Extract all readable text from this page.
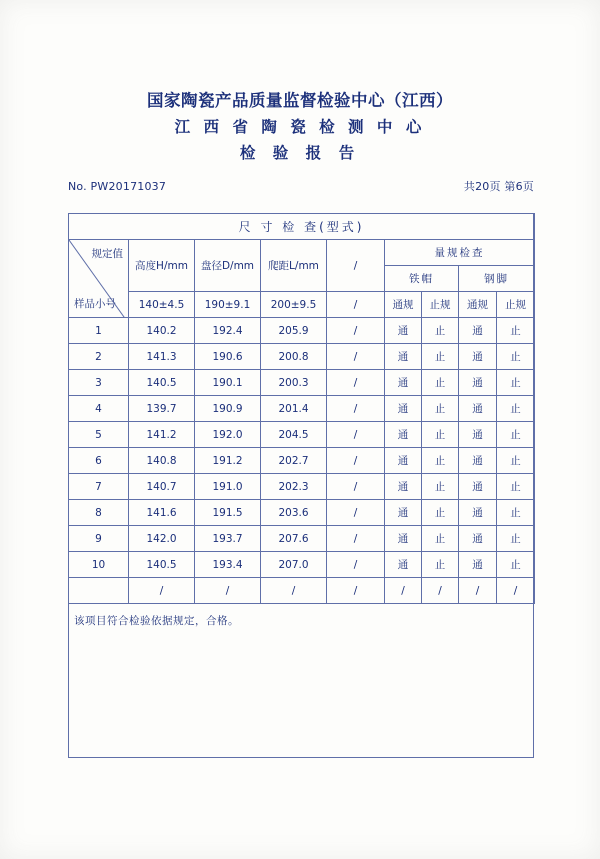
国家陶瓷产品质量监督检验中心（江西）
江 西 省 陶 瓷 检 测 中 心
检 验 报 告
No. PW20171037	共20页 第6页
尺 寸 检 查(型式)								

规定值
样品小号	高度H/mm	盘径D/mm	爬距L/mm	/	量规检查			
					铁帽		钢脚	
	140±4.5	190±9.1	200±9.5	/	通规	止规	通规	止规
1	140.2	192.4	205.9	/	通	止	通	止
2	141.3	190.6	200.8	/	通	止	通	止
3	140.5	190.1	200.3	/	通	止	通	止
4	139.7	190.9	201.4	/	通	止	通	止
5	141.2	192.0	204.5	/	通	止	通	止
6	140.8	191.2	202.7	/	通	止	通	止
7	140.7	191.0	202.3	/	通	止	通	止
8	141.6	191.5	203.6	/	通	止	通	止
9	142.0	193.7	207.6	/	通	止	通	止
10	140.5	193.4	207.0	/	通	止	通	止
	/	/	/	/	/	/	/	/
该项目符合检验依据规定，合格。
